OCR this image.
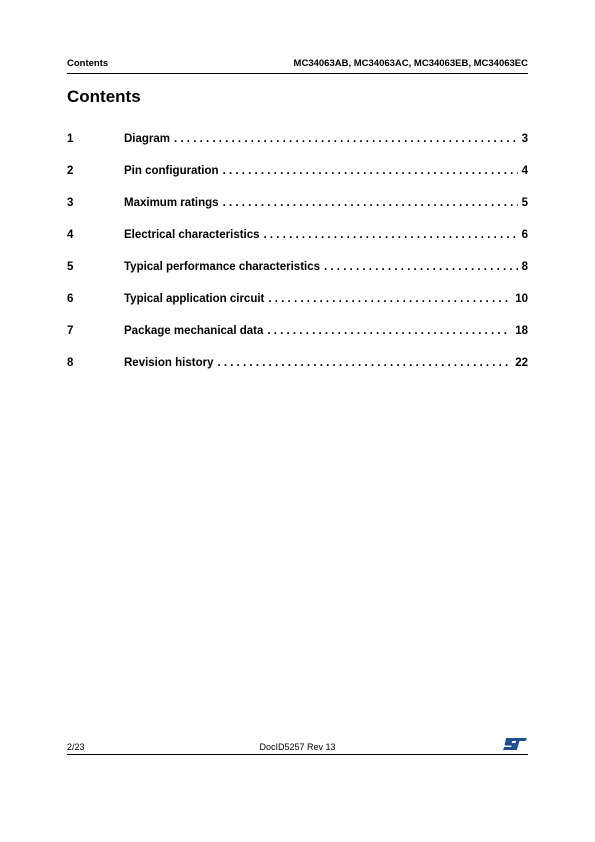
Contents	MC34063AB, MC34063AC, MC34063EB, MC34063EC
Contents
1	Diagram . . .	3
2	Pin configuration . . .	4
3	Maximum ratings . . .	5
4	Electrical characteristics . . .	6
5	Typical performance characteristics . . .	8
6	Typical application circuit . . .	10
7	Package mechanical data . . .	18
8	Revision history . . .	22
2/23	DocID5257 Rev 13
